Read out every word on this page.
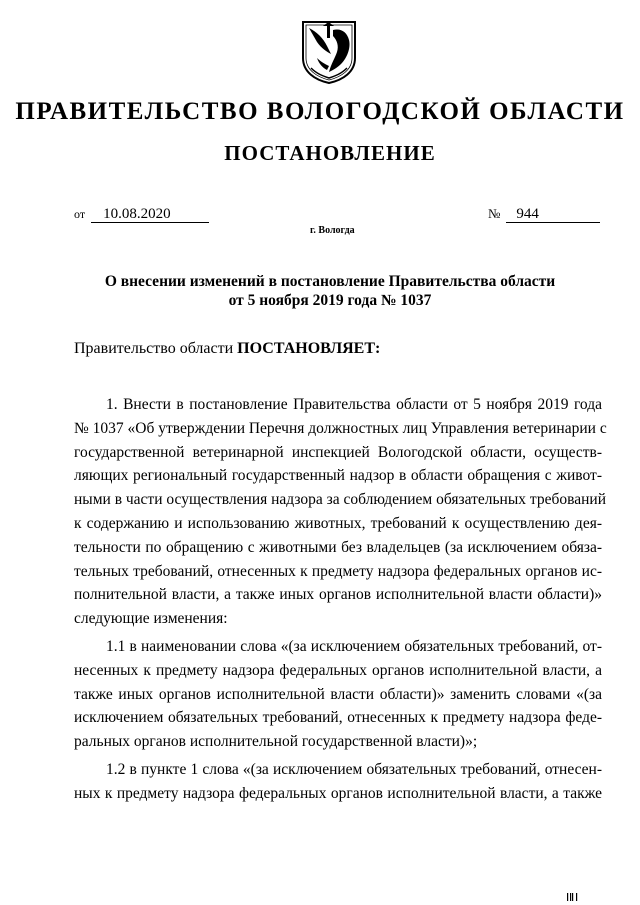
ПРАВИТЕЛЬСТВО ВОЛОГОДСКОЙ ОБЛАСТИ
ПОСТАНОВЛЕНИЕ
от 10.08.2020	№ 944
г. Вологда
О внесении изменений в постановление Правительства области
от 5 ноября 2019 года № 1037
Правительство области ПОСТАНОВЛЯЕТ:
1. Внести в постановление Правительства области от 5 ноября 2019 года
№ 1037 «Об утверждении Перечня должностных лиц Управления ветеринарии с
государственной ветеринарной инспекцией Вологодской области, осуществ-
ляющих региональный государственный надзор в области обращения с живот-
ными в части осуществления надзора за соблюдением обязательных требований
к содержанию и использованию животных, требований к осуществлению дея-
тельности по обращению с животными без владельцев (за исключением обяза-
тельных требований, отнесенных к предмету надзора федеральных органов ис-
полнительной власти, а также иных органов исполнительной власти области)»
следующие изменения:
1.1 в наименовании слова «(за исключением обязательных требований, от-
несенных к предмету надзора федеральных органов исполнительной власти, а
также иных органов исполнительной власти области)» заменить словами «(за
исключением обязательных требований, отнесенных к предмету надзора феде-
ральных органов исполнительной государственной власти)»;
1.2 в пункте 1 слова «(за исключением обязательных требований, отнесен-
ных к предмету надзора федеральных органов исполнительной власти, а также
